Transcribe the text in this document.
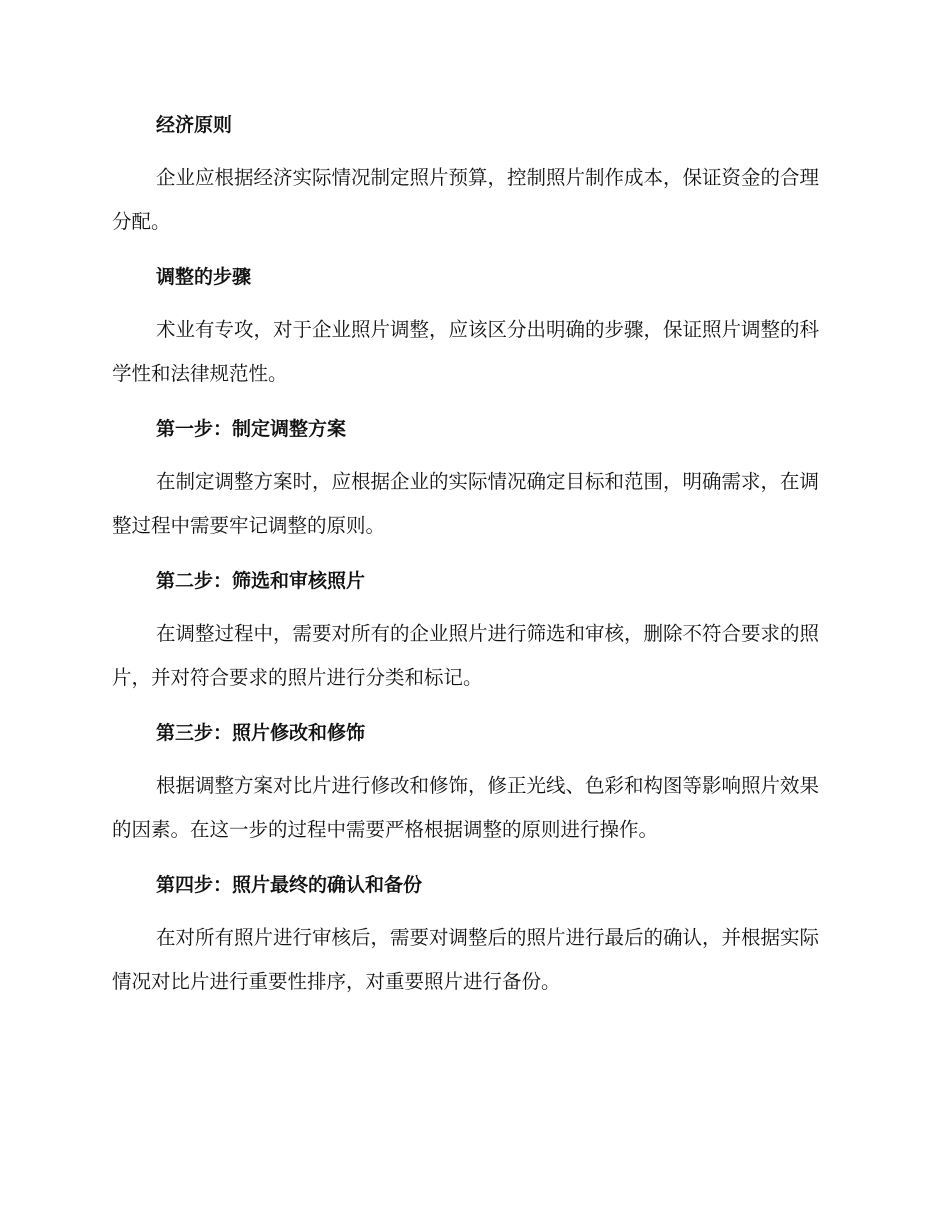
经济原则
企业应根据经济实际情况制定照片预算，控制照片制作成本，保证资金的合理分配。
调整的步骤
术业有专攻，对于企业照片调整，应该区分出明确的步骤，保证照片调整的科学性和法律规范性。
第一步：制定调整方案
在制定调整方案时，应根据企业的实际情况确定目标和范围，明确需求，在调整过程中需要牢记调整的原则。
第二步：筛选和审核照片
在调整过程中，需要对所有的企业照片进行筛选和审核，删除不符合要求的照片，并对符合要求的照片进行分类和标记。
第三步：照片修改和修饰
根据调整方案对比片进行修改和修饰，修正光线、色彩和构图等影响照片效果的因素。在这一步的过程中需要严格根据调整的原则进行操作。
第四步：照片最终的确认和备份
在对所有照片进行审核后，需要对调整后的照片进行最后的确认，并根据实际情况对比片进行重要性排序，对重要照片进行备份。
